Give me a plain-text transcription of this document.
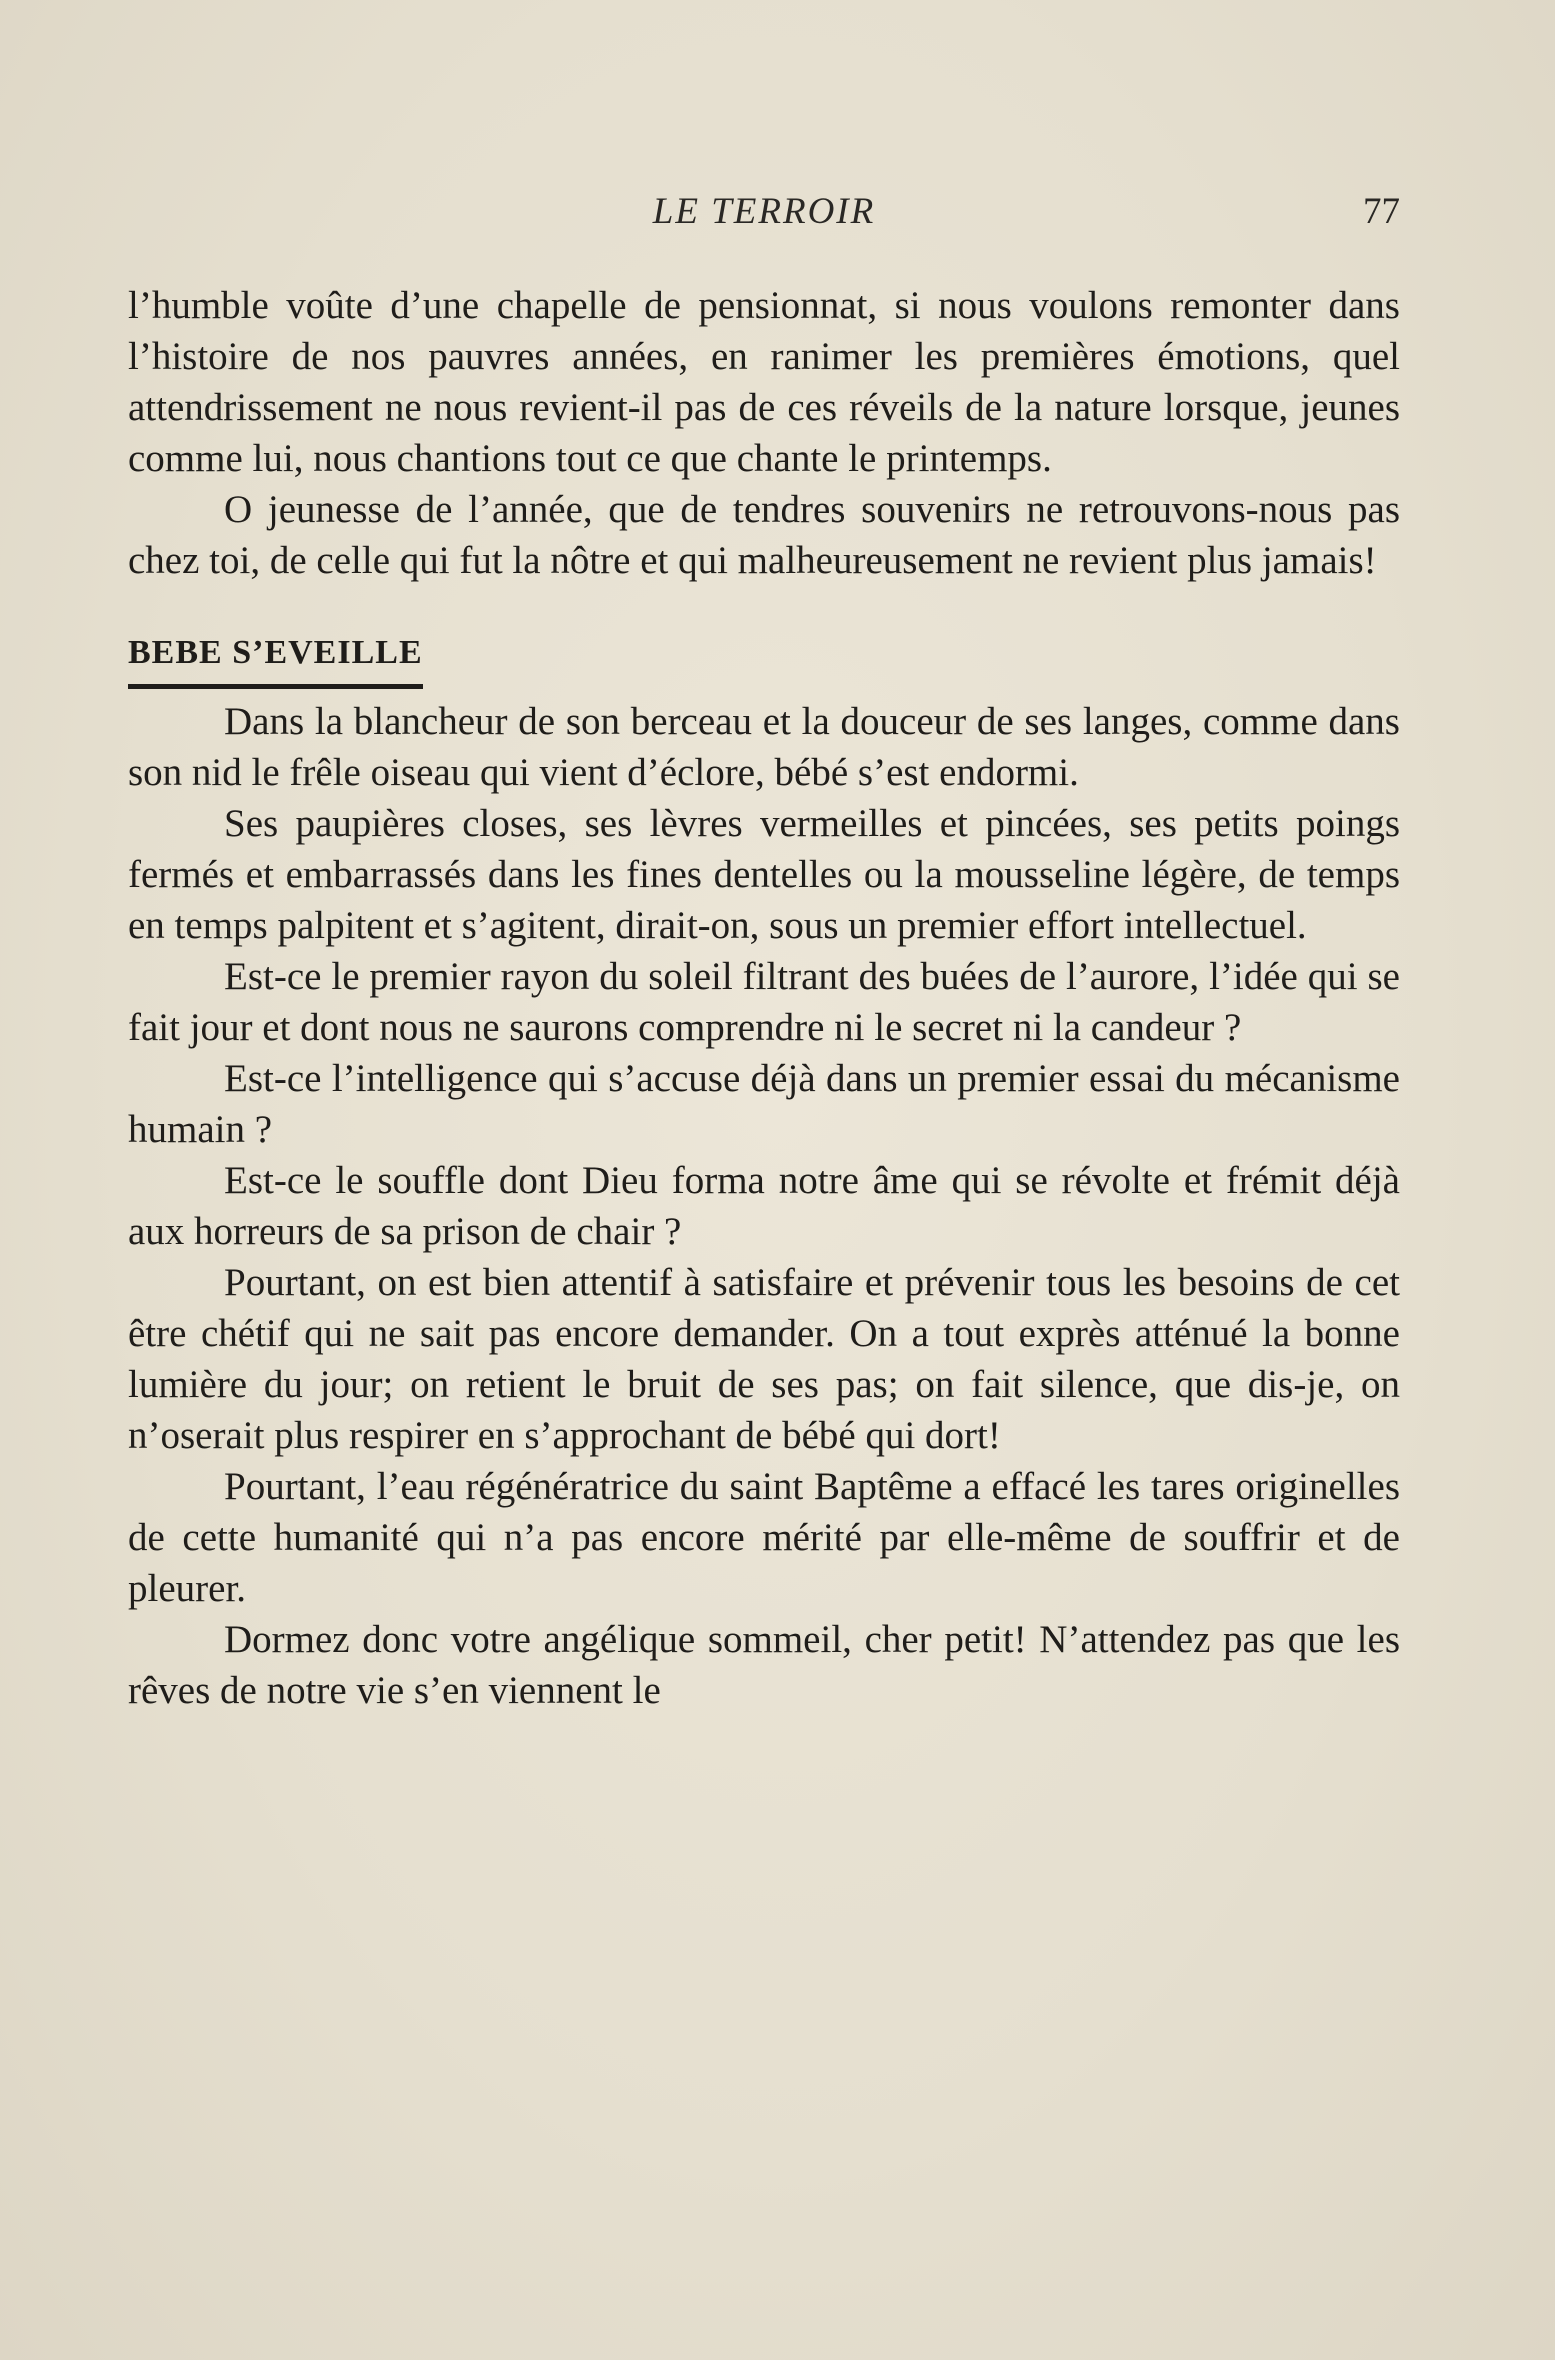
LE TERROIR	77

l’humble voûte d’une chapelle de pensionnat, si nous voulons remonter dans l’histoire de nos pauvres années, en ranimer les premières émotions, quel attendrissement ne nous revient-il pas de ces réveils de la nature lorsque, jeunes comme lui, nous chantions tout ce que chante le printemps.

O jeunesse de l’année, que de tendres souvenirs ne retrouvons-nous pas chez toi, de celle qui fut la nôtre et qui malheureusement ne revient plus jamais!

BEBE S’EVEILLE

Dans la blancheur de son berceau et la douceur de ses langes, comme dans son nid le frêle oiseau qui vient d’éclore, bébé s’est endormi.

Ses paupières closes, ses lèvres vermeilles et pincées, ses petits poings fermés et embarrassés dans les fines dentelles ou la mousseline légère, de temps en temps palpitent et s’agitent, dirait-on, sous un premier effort intellectuel.

Est-ce le premier rayon du soleil filtrant des buées de l’aurore, l’idée qui se fait jour et dont nous ne saurons comprendre ni le secret ni la candeur ?

Est-ce l’intelligence qui s’accuse déjà dans un premier essai du mécanisme humain ?

Est-ce le souffle dont Dieu forma notre âme qui se révolte et frémit déjà aux horreurs de sa prison de chair ?

Pourtant, on est bien attentif à satisfaire et prévenir tous les besoins de cet être chétif qui ne sait pas encore demander. On a tout exprès atténué la bonne lumière du jour; on retient le bruit de ses pas; on fait silence, que dis-je, on n’oserait plus respirer en s’approchant de bébé qui dort!

Pourtant, l’eau régénératrice du saint Baptême a effacé les tares originelles de cette humanité qui n’a pas encore mérité par elle-même de souffrir et de pleurer.

Dormez donc votre angélique sommeil, cher petit! N’attendez pas que les rêves de notre vie s’en viennent le
